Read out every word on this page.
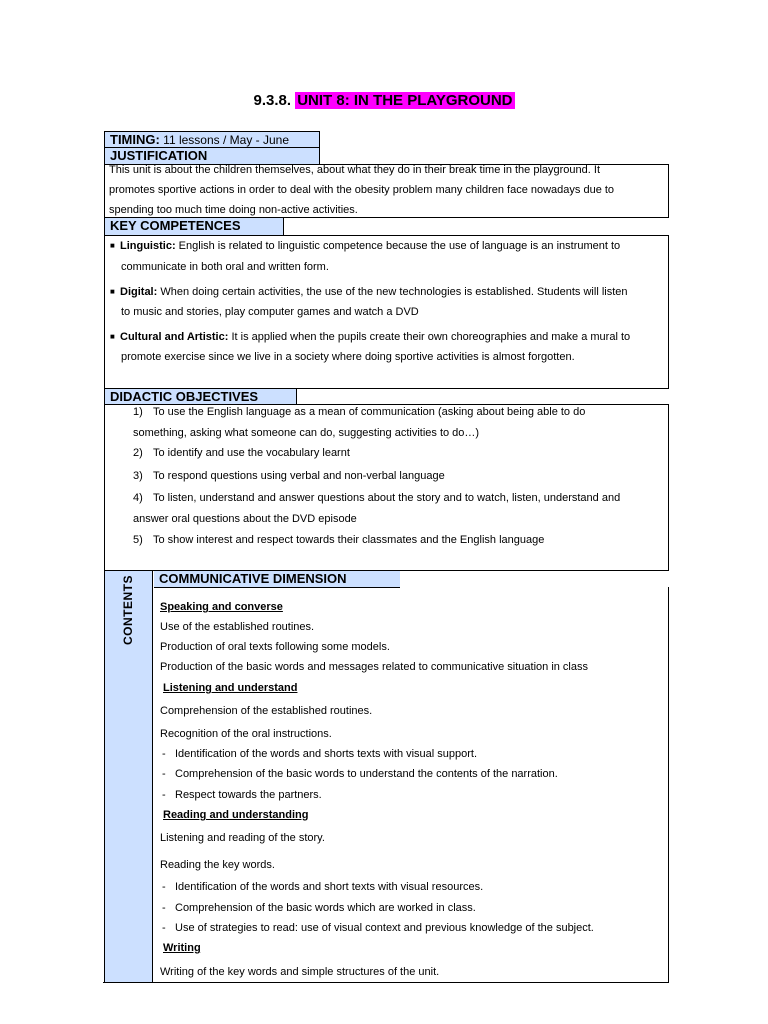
9.3.8. UNIT 8: IN THE PLAYGROUND
TIMING: 11 lessons / May - June
JUSTIFICATION
This unit is about the children themselves, about what they do in their break time in the playground. It
promotes sportive actions in order to deal with the obesity problem many children face nowadays due to
spending too much time doing non-active activities.
KEY COMPETENCES
■ Linguistic: English is related to linguistic competence because the use of language is an instrument to
communicate in both oral and written form.
■ Digital: When doing certain activities, the use of the new technologies is established. Students will listen
to music and stories, play computer games and watch a DVD
■ Cultural and Artistic: It is applied when the pupils create their own choreographies and make a mural to
promote exercise since we live in a society where doing sportive activities is almost forgotten.
DIDACTIC OBJECTIVES
1) To use the English language as a mean of communication (asking about being able to do
something, asking what someone can do, suggesting activities to do…)
2) To identify and use the vocabulary learnt
3) To respond questions using verbal and non-verbal language
4) To listen, understand and answer questions about the story and to watch, listen, understand and
answer oral questions about the DVD episode
5) To show interest and respect towards their classmates and the English language
CONTENTS	COMMUNICATIVE DIMENSION
Speaking and converse
Use of the established routines.
Production of oral texts following some models.
Production of the basic words and messages related to communicative situation in class
Listening and understand
Comprehension of the established routines.
Recognition of the oral instructions.
- Identification of the words and shorts texts with visual support.
- Comprehension of the basic words to understand the contents of the narration.
- Respect towards the partners.
Reading and understanding
Listening and reading of the story.
Reading the key words.
- Identification of the words and short texts with visual resources.
- Comprehension of the basic words which are worked in class.
- Use of strategies to read: use of visual context and previous knowledge of the subject.
Writing
Writing of the key words and simple structures of the unit.
